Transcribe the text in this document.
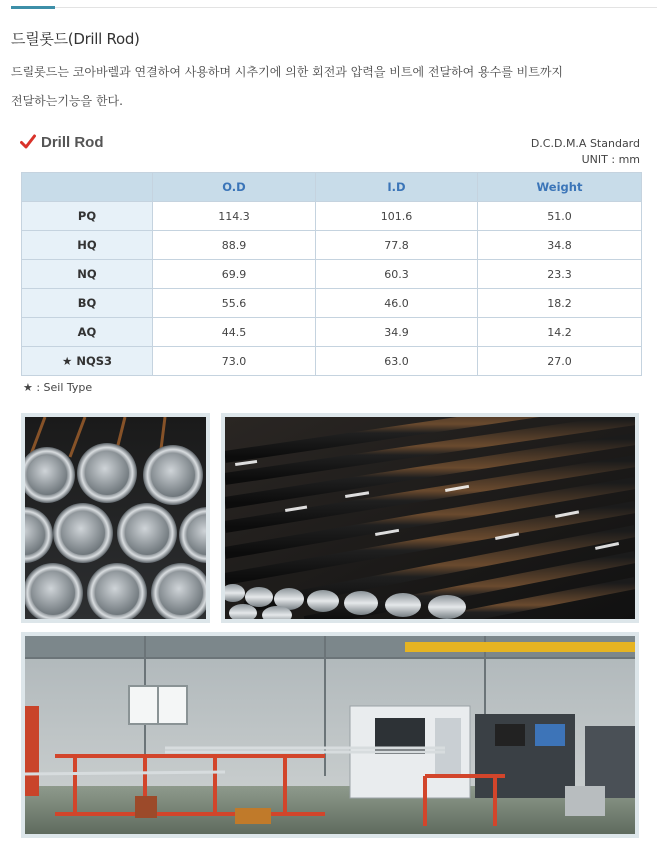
드릴롯드(Drill Rod)
드릴롯드는 코아바렐과 연결하여 사용하며 시추기에 의한 회전과 압력을 비트에 전달하여 용수를 비트까지
전달하는기능을 한다.
Drill Rod	D.C.D.M.A Standard
UNIT : mm
	O.D	I.D	Weight
PQ	114.3	101.6	51.0
HQ	88.9	77.8	34.8
NQ	69.9	60.3	23.3
BQ	55.6	46.0	18.2
AQ	44.5	34.9	14.2
★ NQS3	73.0	63.0	27.0
★ : Seil Type
